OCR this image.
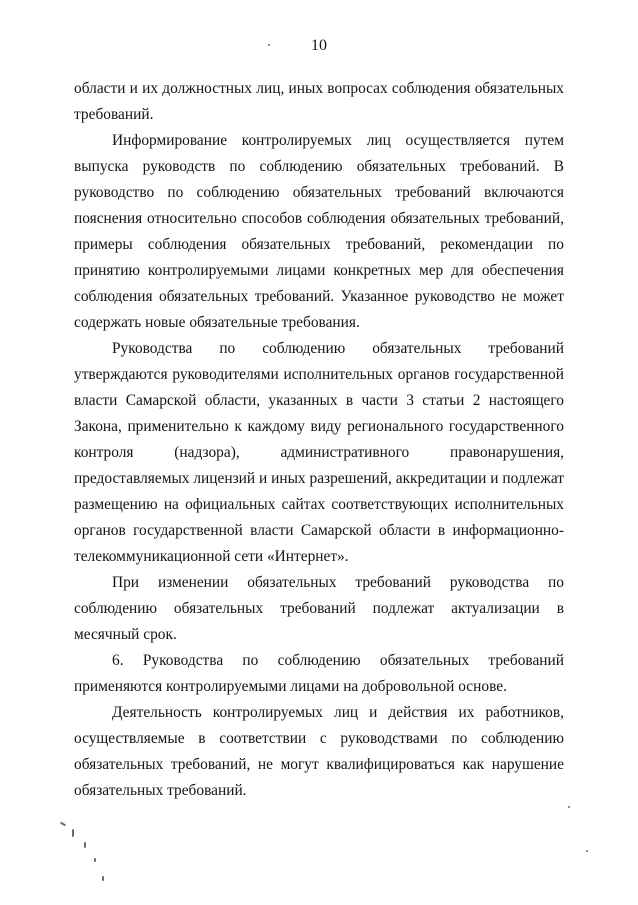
10

области и их должностных лиц, иных вопросах соблюдения обязательных требований.

Информирование контролируемых лиц осуществляется путем выпуска руководств по соблюдению обязательных требований. В руководство по соблюдению обязательных требований включаются пояснения относительно способов соблюдения обязательных требований, примеры соблюдения обязательных требований, рекомендации по принятию контролируемыми лицами конкретных мер для обеспечения соблюдения обязательных требований. Указанное руководство не может содержать новые обязательные требования.

Руководства по соблюдению обязательных требований утверждаются руководителями исполнительных органов государственной власти Самарской области, указанных в части 3 статьи 2 настоящего Закона, применительно к каждому виду регионального государственного контроля (надзора), административного правонарушения, предоставляемых лицензий и иных разрешений, аккредитации и подлежат размещению на официальных сайтах соответствующих исполнительных органов государственной власти Самарской области в информационно-телекоммуникационной сети «Интернет».

При изменении обязательных требований руководства по соблюдению обязательных требований подлежат актуализации в месячный срок.

6. Руководства по соблюдению обязательных требований применяются контролируемыми лицами на добровольной основе.

Деятельность контролируемых лиц и действия их работников, осуществляемые в соответствии с руководствами по соблюдению обязательных требований, не могут квалифицироваться как нарушение обязательных требований.
